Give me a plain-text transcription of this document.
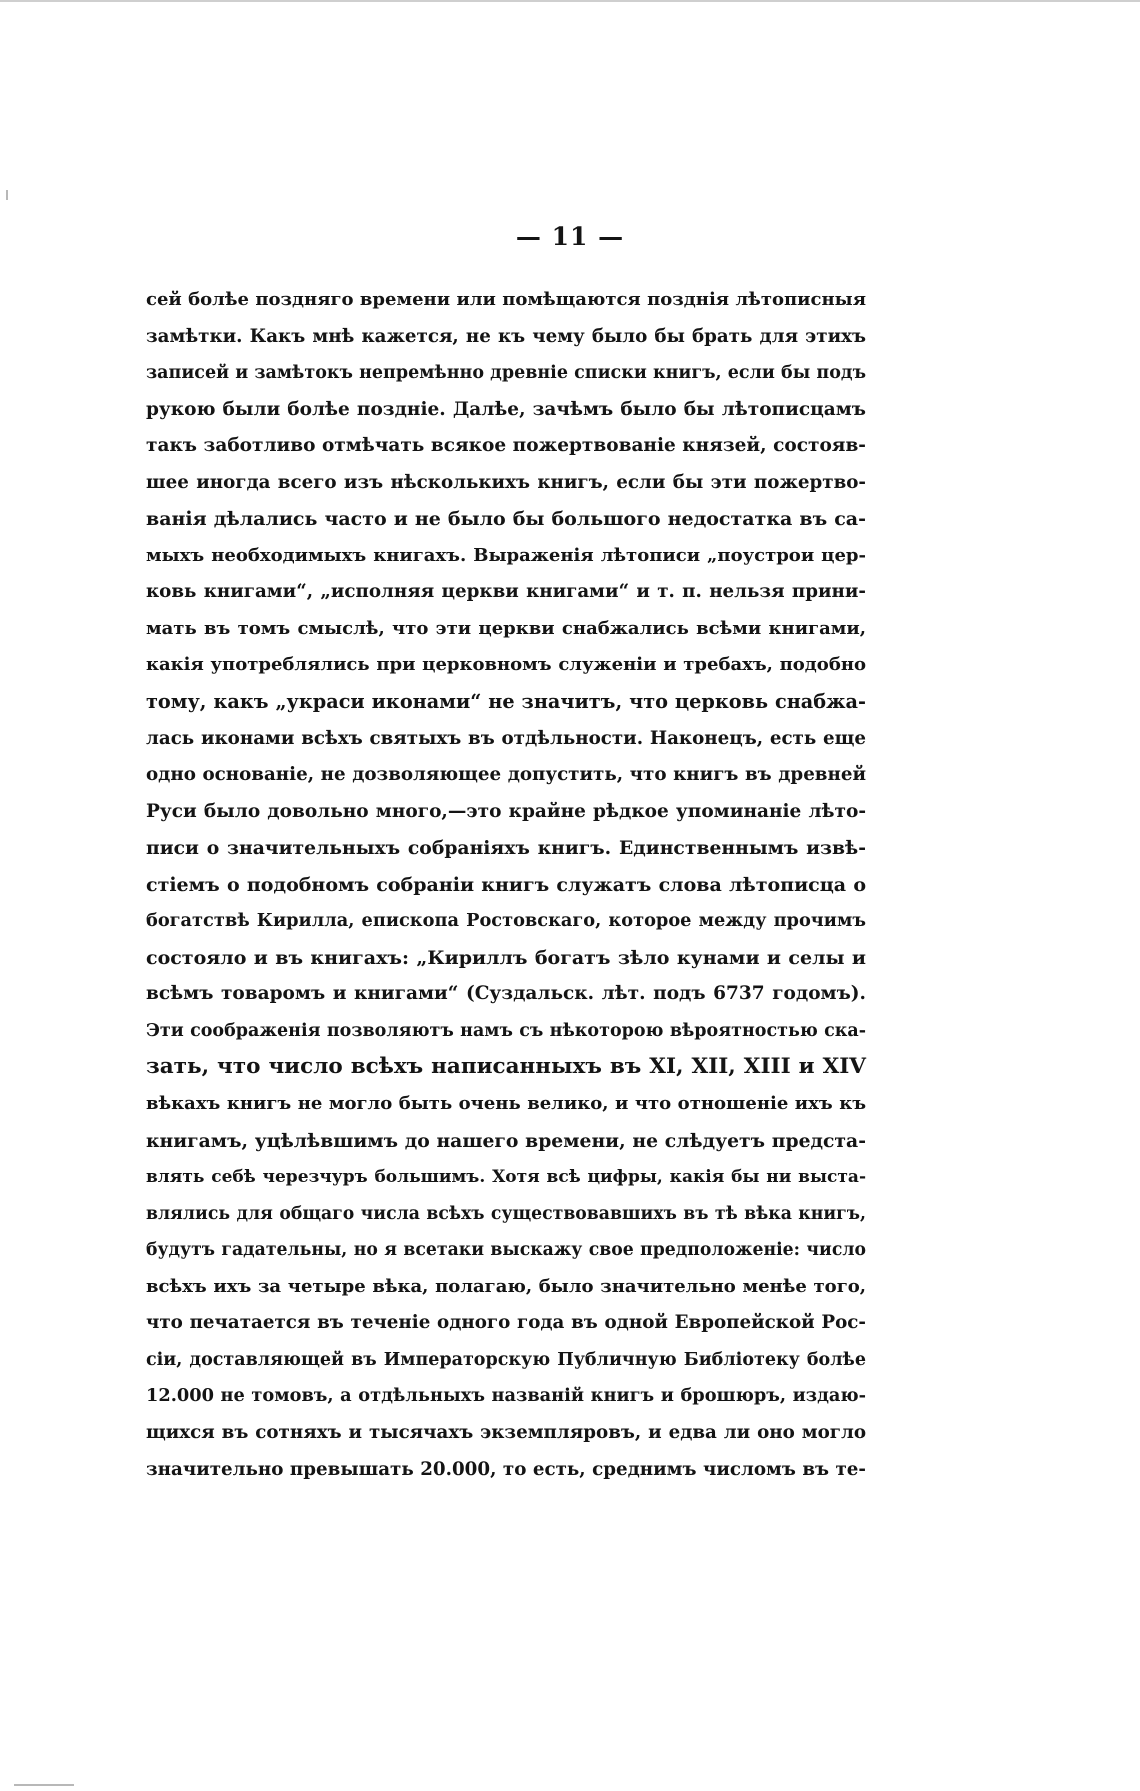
— 11 —
сей болѣе поздняго времени или помѣщаются позднія лѣтописныя
замѣтки. Какъ мнѣ кажется, не къ чему было бы брать для этихъ
записей и замѣтокъ непремѣнно древніе списки книгъ, если бы подъ
рукою были болѣе поздніе. Далѣе, зачѣмъ было бы лѣтописцамъ
такъ заботливо отмѣчать всякое пожертвованіе князей, состояв-
шее иногда всего изъ нѣсколькихъ книгъ, если бы эти пожертво-
ванія дѣлались часто и не было бы большого недостатка въ са-
мыхъ необходимыхъ книгахъ. Выраженія лѣтописи „поустрои цер-
ковь книгами“, „исполняя церкви книгами“ и т. п. нельзя прини-
мать въ томъ смыслѣ, что эти церкви снабжались всѣми книгами,
какія употреблялись при церковномъ служеніи и требахъ, подобно
тому, какъ „украси иконами“ не значитъ, что церковь снабжа-
лась иконами всѣхъ святыхъ въ отдѣльности. Наконецъ, есть еще
одно основаніе, не дозволяющее допустить, что книгъ въ древней
Руси было довольно много,—это крайне рѣдкое упоминаніе лѣто-
писи о значительныхъ собраніяхъ книгъ. Единственнымъ извѣ-
стіемъ о подобномъ собраніи книгъ служатъ слова лѣтописца о
богатствѣ Кирилла, епископа Ростовскаго, которое между прочимъ
состояло и въ книгахъ: „Кириллъ богатъ зѣло кунами и селы и
всѣмъ товаромъ и книгами“ (Суздальск. лѣт. подъ 6737 годомъ).
Эти соображенія позволяютъ намъ съ нѣкоторою вѣроятностью ска-
зать, что число всѣхъ написанныхъ въ XI, XII, XIII и XIV
вѣкахъ книгъ не могло быть очень велико, и что отношеніе ихъ къ
книгамъ, уцѣлѣвшимъ до нашего времени, не слѣдуетъ предста-
влять себѣ черезчуръ большимъ. Хотя всѣ цифры, какія бы ни выста-
влялись для общаго числа всѣхъ существовавшихъ въ тѣ вѣка книгъ,
будутъ гадательны, но я всетаки выскажу свое предположеніе: число
всѣхъ ихъ за четыре вѣка, полагаю, было значительно менѣе того,
что печатается въ теченіе одного года въ одной Европейской Рос-
сіи, доставляющей въ Императорскую Публичную Библіотеку болѣе
12.000 не томовъ, а отдѣльныхъ названій книгъ и брошюръ, издаю-
щихся въ сотняхъ и тысячахъ экземпляровъ, и едва ли оно могло
значительно превышать 20.000, то есть, среднимъ числомъ въ те-
